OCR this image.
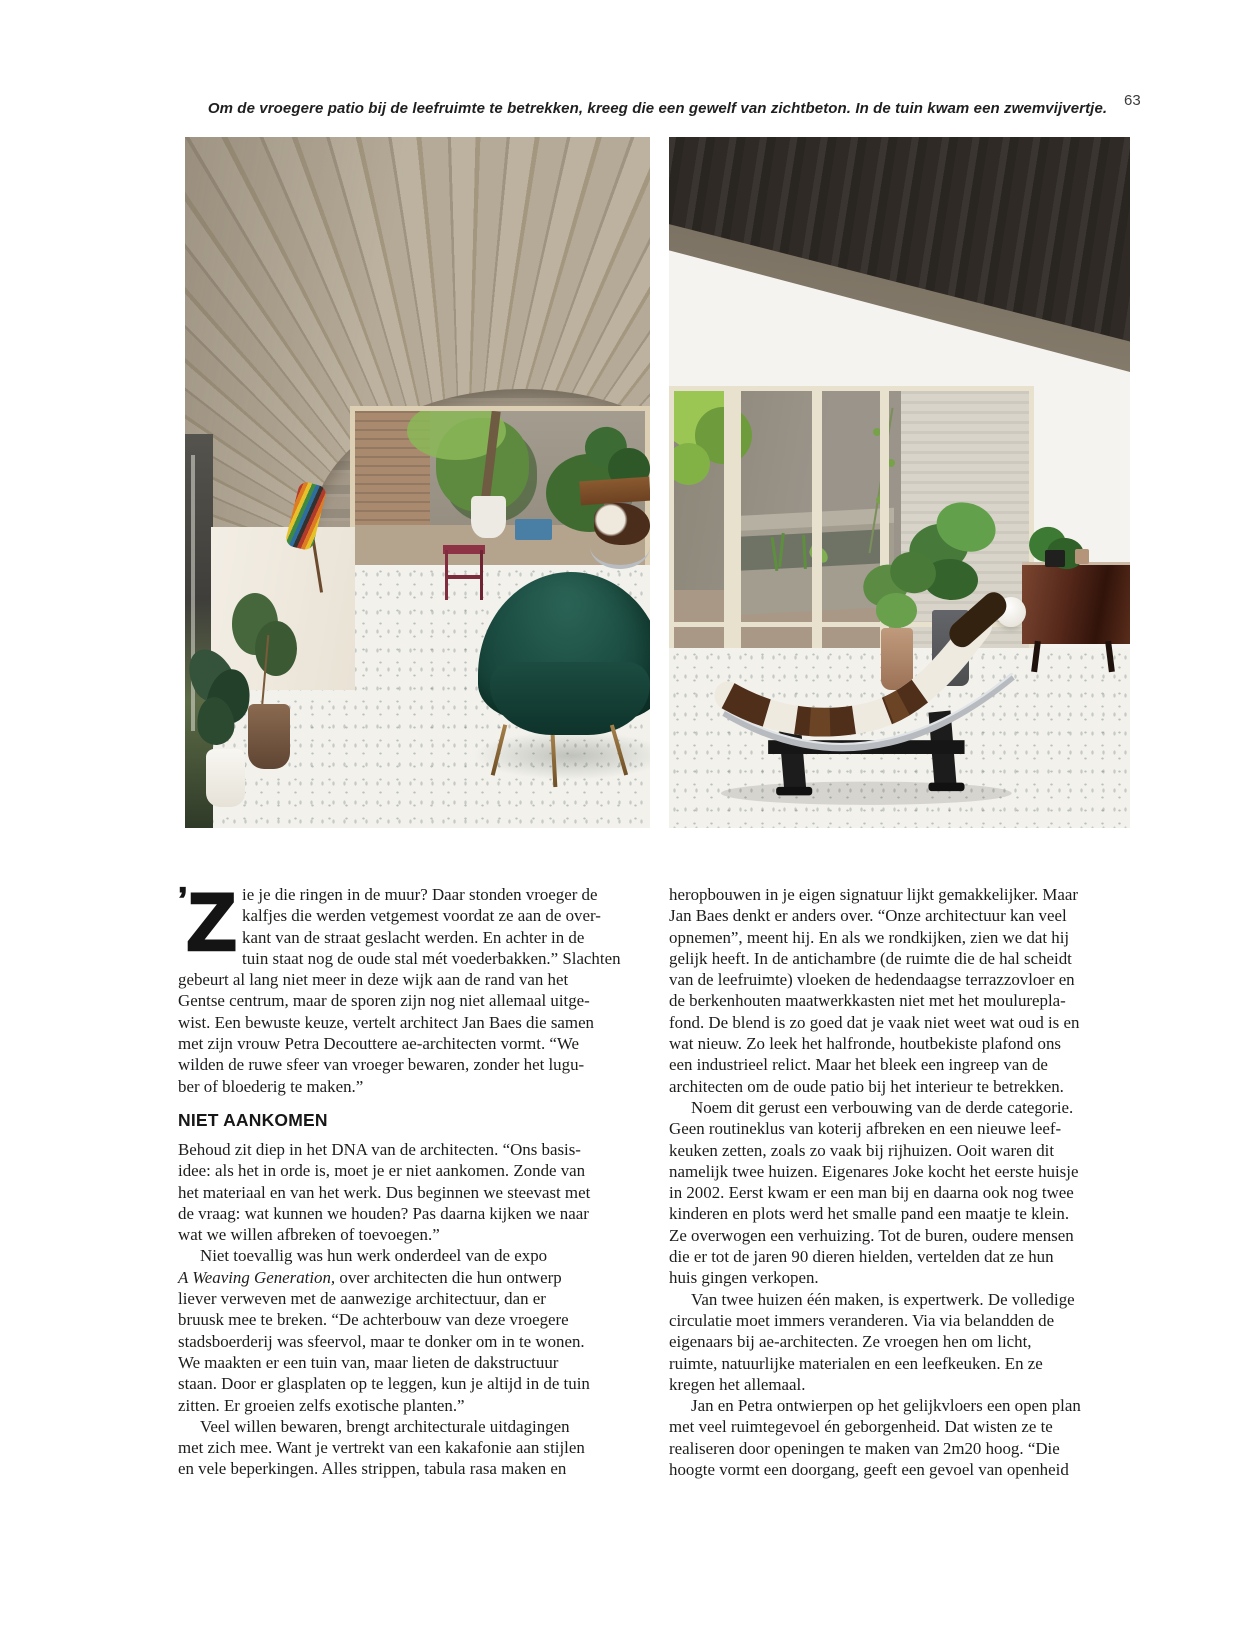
Om de vroegere patio bij de leefruimte te betrekken, kreeg die een gewelf van zichtbeton. In de tuin kwam een zwemvijvertje.	63

’ Z ie je die ringen in de muur? Daar stonden vroeger de
kalfjes die werden vetgemest voordat ze aan de over-
kant van de straat geslacht werden. En achter in de
tuin staat nog de oude stal mét voederbakken.” Slachten
gebeurt al lang niet meer in deze wijk aan de rand van het
Gentse centrum, maar de sporen zijn nog niet allemaal uitge-
wist. Een bewuste keuze, vertelt architect Jan Baes die samen
met zijn vrouw Petra Decouttere ae-architecten vormt. “We
wilden de ruwe sfeer van vroeger bewaren, zonder het lugu-
ber of bloederig te maken.”

NIET AANKOMEN

Behoud zit diep in het DNA van de architecten. “Ons basis-
idee: als het in orde is, moet je er niet aankomen. Zonde van
het materiaal en van het werk. Dus beginnen we steevast met
de vraag: wat kunnen we houden? Pas daarna kijken we naar
wat we willen afbreken of toevoegen.”

Niet toevallig was hun werk onderdeel van de expo
A Weaving Generation, over architecten die hun ontwerp
liever verweven met de aanwezige architectuur, dan er
bruusk mee te breken. “De achterbouw van deze vroegere
stadsboerderij was sfeervol, maar te donker om in te wonen.
We maakten er een tuin van, maar lieten de dakstructuur
staan. Door er glasplaten op te leggen, kun je altijd in de tuin
zitten. Er groeien zelfs exotische planten.”

Veel willen bewaren, brengt architecturale uitdagingen
met zich mee. Want je vertrekt van een kakafonie aan stijlen
en vele beperkingen. Alles strippen, tabula rasa maken en

heropbouwen in je eigen signatuur lijkt gemakkelijker. Maar
Jan Baes denkt er anders over. “Onze architectuur kan veel
opnemen”, meent hij. En als we rondkijken, zien we dat hij
gelijk heeft. In de antichambre (de ruimte die de hal scheidt
van de leefruimte) vloeken de hedendaagse terrazzovloer en
de berkenhouten maatwerkkasten niet met het moulurepla-
fond. De blend is zo goed dat je vaak niet weet wat oud is en
wat nieuw. Zo leek het halfronde, houtbekiste plafond ons
een industrieel relict. Maar het bleek een ingreep van de
architecten om de oude patio bij het interieur te betrekken.

Noem dit gerust een verbouwing van de derde categorie.
Geen routineklus van koterij afbreken en een nieuwe leef-
keuken zetten, zoals zo vaak bij rijhuizen. Ooit waren dit
namelijk twee huizen. Eigenares Joke kocht het eerste huisje
in 2002. Eerst kwam er een man bij en daarna ook nog twee
kinderen en plots werd het smalle pand een maatje te klein.
Ze overwogen een verhuizing. Tot de buren, oudere mensen
die er tot de jaren 90 dieren hielden, vertelden dat ze hun
huis gingen verkopen.

Van twee huizen één maken, is expertwerk. De volledige
circulatie moet immers veranderen. Via via belandden de
eigenaars bij ae-architecten. Ze vroegen hen om licht,
ruimte, natuurlijke materialen en een leefkeuken. En ze
kregen het allemaal.

Jan en Petra ontwierpen op het gelijkvloers een open plan
met veel ruimtegevoel én geborgenheid. Dat wisten ze te
realiseren door openingen te maken van 2m20 hoog. “Die
hoogte vormt een doorgang, geeft een gevoel van openheid
